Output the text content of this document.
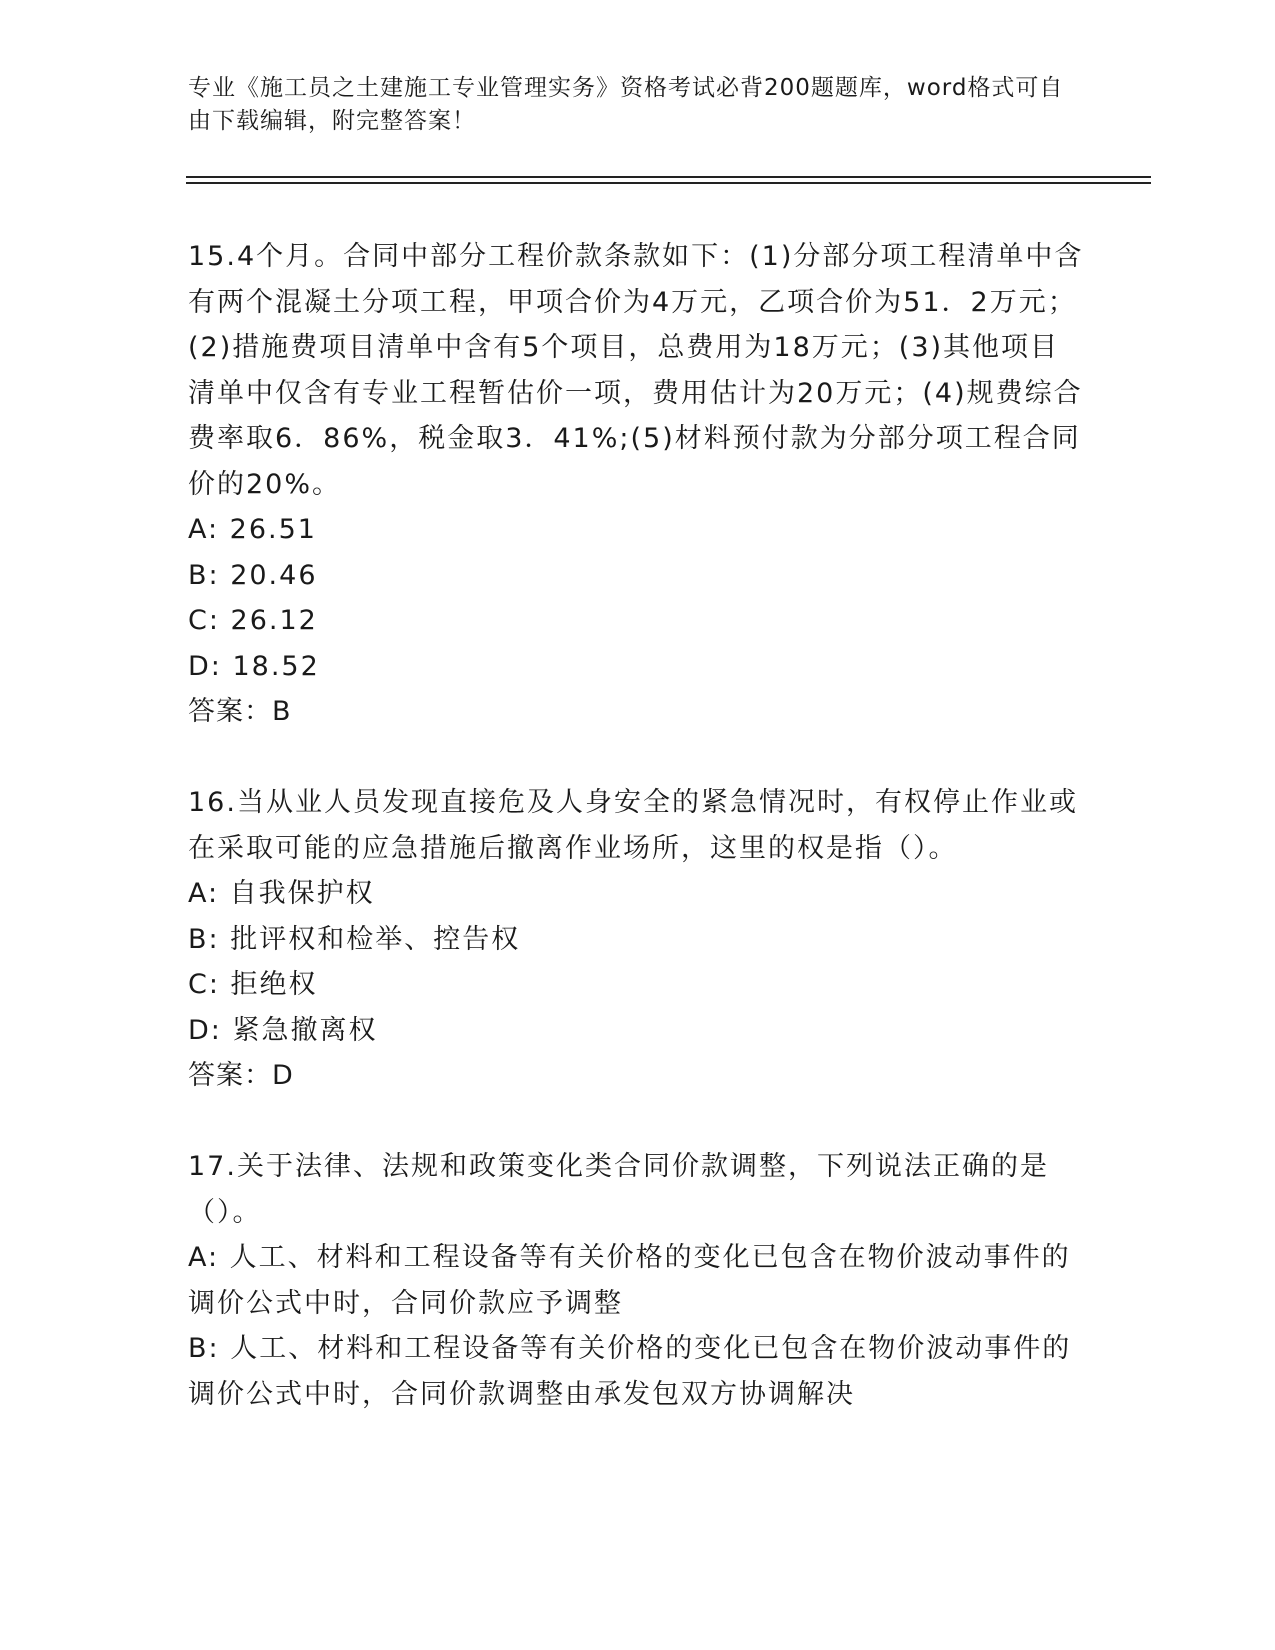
专业《施工员之土建施工专业管理实务》资格考试必背200题题库，word格式可自由下载编辑，附完整答案！

15.4个月。合同中部分工程价款条款如下：(1)分部分项工程清单中含有两个混凝土分项工程，甲项合价为4万元，乙项合价为51．2万元；(2)措施费项目清单中含有5个项目，总费用为18万元；(3)其他项目清单中仅含有专业工程暂估价一项，费用估计为20万元；(4)规费综合费率取6．86%，税金取3．41%;(5)材料预付款为分部分项工程合同价的20%。

A: 26.51

B: 20.46

C: 26.12

D: 18.52

答案：B

16.当从业人员发现直接危及人身安全的紧急情况时，有权停止作业或在采取可能的应急措施后撤离作业场所，这里的权是指（）。

A: 自我保护权

B: 批评权和检举、控告权

C: 拒绝权

D: 紧急撤离权

答案：D

17.关于法律、法规和政策变化类合同价款调整，下列说法正确的是（）。

A: 人工、材料和工程设备等有关价格的变化已包含在物价波动事件的调价公式中时，合同价款应予调整

B: 人工、材料和工程设备等有关价格的变化已包含在物价波动事件的调价公式中时，合同价款调整由承发包双方协调解决
